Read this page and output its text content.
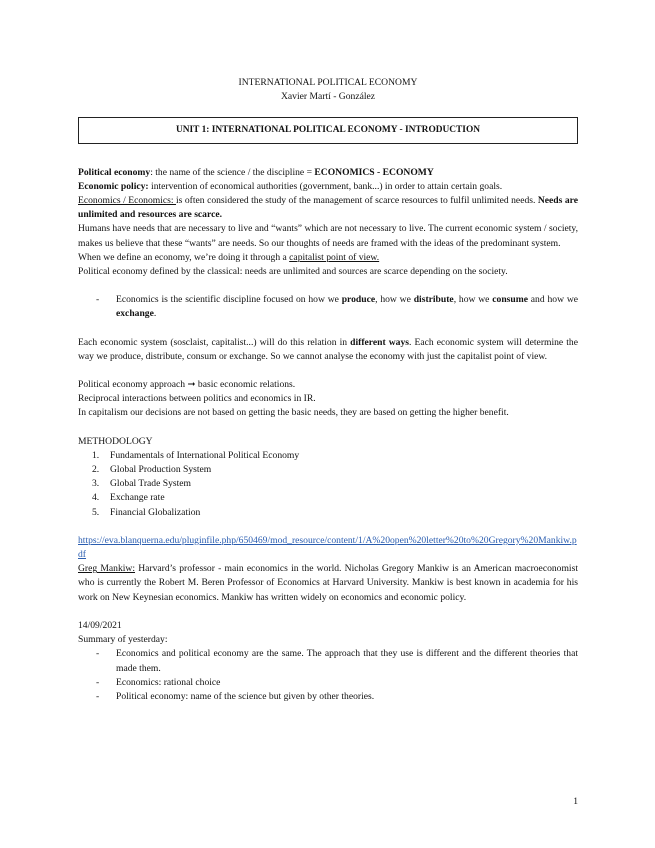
INTERNATIONAL POLITICAL ECONOMY
Xavier Martí - González
UNIT 1: INTERNATIONAL POLITICAL ECONOMY - INTRODUCTION

Political economy: the name of the science / the discipline = ECONOMICS - ECONOMY

Economic policy: intervention of economical authorities (government, bank...) in order to attain certain goals.

Economics / Economics: is often considered the study of the management of scarce resources to fulfil unlimited needs. Needs are unlimited and resources are scarce.

Humans have needs that are necessary to live and “wants” which are not necessary to live. The current economic system / society, makes us believe that these “wants” are needs. So our thoughts of needs are framed with the ideas of the predominant system.

When we define an economy, we’re doing it through a capitalist point of view.

Political economy defined by the classical: needs are unlimited and sources are scarce depending on the society.

- Economics is the scientific discipline focused on how we produce, how we distribute, how we consume and how we exchange.

Each economic system (sosclaist, capitalist...) will do this relation in different ways. Each economic system will determine the way we produce, distribute, consum or exchange. So we cannot analyse the economy with just the capitalist point of view.

Political economy approach ➞ basic economic relations.

Reciprocal interactions between politics and economics in IR.

In capitalism our decisions are not based on getting the basic needs, they are based on getting the higher benefit.

METHODOLOGY

1. Fundamentals of International Political Economy
2. Global Production System
3. Global Trade System
4. Exchange rate
5. Financial Globalization

https://eva.blanquerna.edu/pluginfile.php/650469/mod_resource/content/1/A%20open%20letter%20to%20Gregory%20Mankiw.pdf

Greg Mankiw: Harvard’s professor - main economics in the world. Nicholas Gregory Mankiw is an American macroeconomist who is currently the Robert M. Beren Professor of Economics at Harvard University. Mankiw is best known in academia for his work on New Keynesian economics. Mankiw has written widely on economics and economic policy.

14/09/2021

Summary of yesterday:

- Economics and political economy are the same. The approach that they use is different and the different theories that made them.
- Economics: rational choice
- Political economy: name of the science but given by other theories.
1
